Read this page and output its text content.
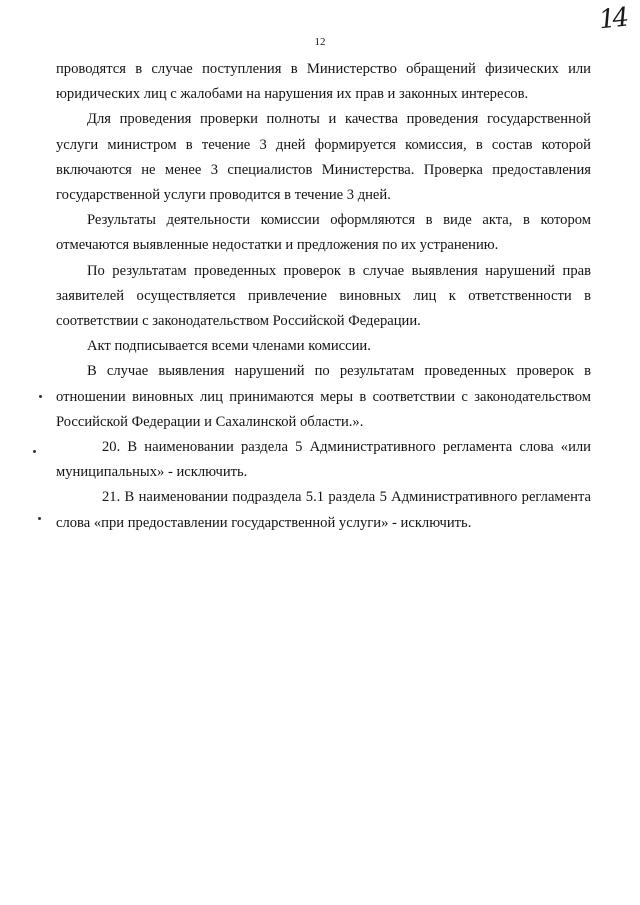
12
14

проводятся в случае поступления в Министерство обращений физических или юридических лиц с жалобами на нарушения их прав и законных интересов.

Для проведения проверки полноты и качества проведения государственной услуги министром в течение 3 дней формируется комиссия, в состав которой включаются не менее 3 специалистов Министерства. Проверка предоставления государственной услуги проводится в течение 3 дней.

Результаты деятельности комиссии оформляются в виде акта, в котором отмечаются выявленные недостатки и предложения по их устранению.

По результатам проведенных проверок в случае выявления нарушений прав заявителей осуществляется привлечение виновных лиц к ответственности в соответствии с законодательством Российской Федерации.

Акт подписывается всеми членами комиссии.

В случае выявления нарушений по результатам проведенных проверок в отношении виновных лиц принимаются меры в соответствии с законодательством Российской Федерации и Сахалинской области.».

20. В наименовании раздела 5 Административного регламента слова «или муниципальных» - исключить.

21. В наименовании подраздела 5.1 раздела 5 Административного регламента слова «при предоставлении государственной услуги» - исключить.
